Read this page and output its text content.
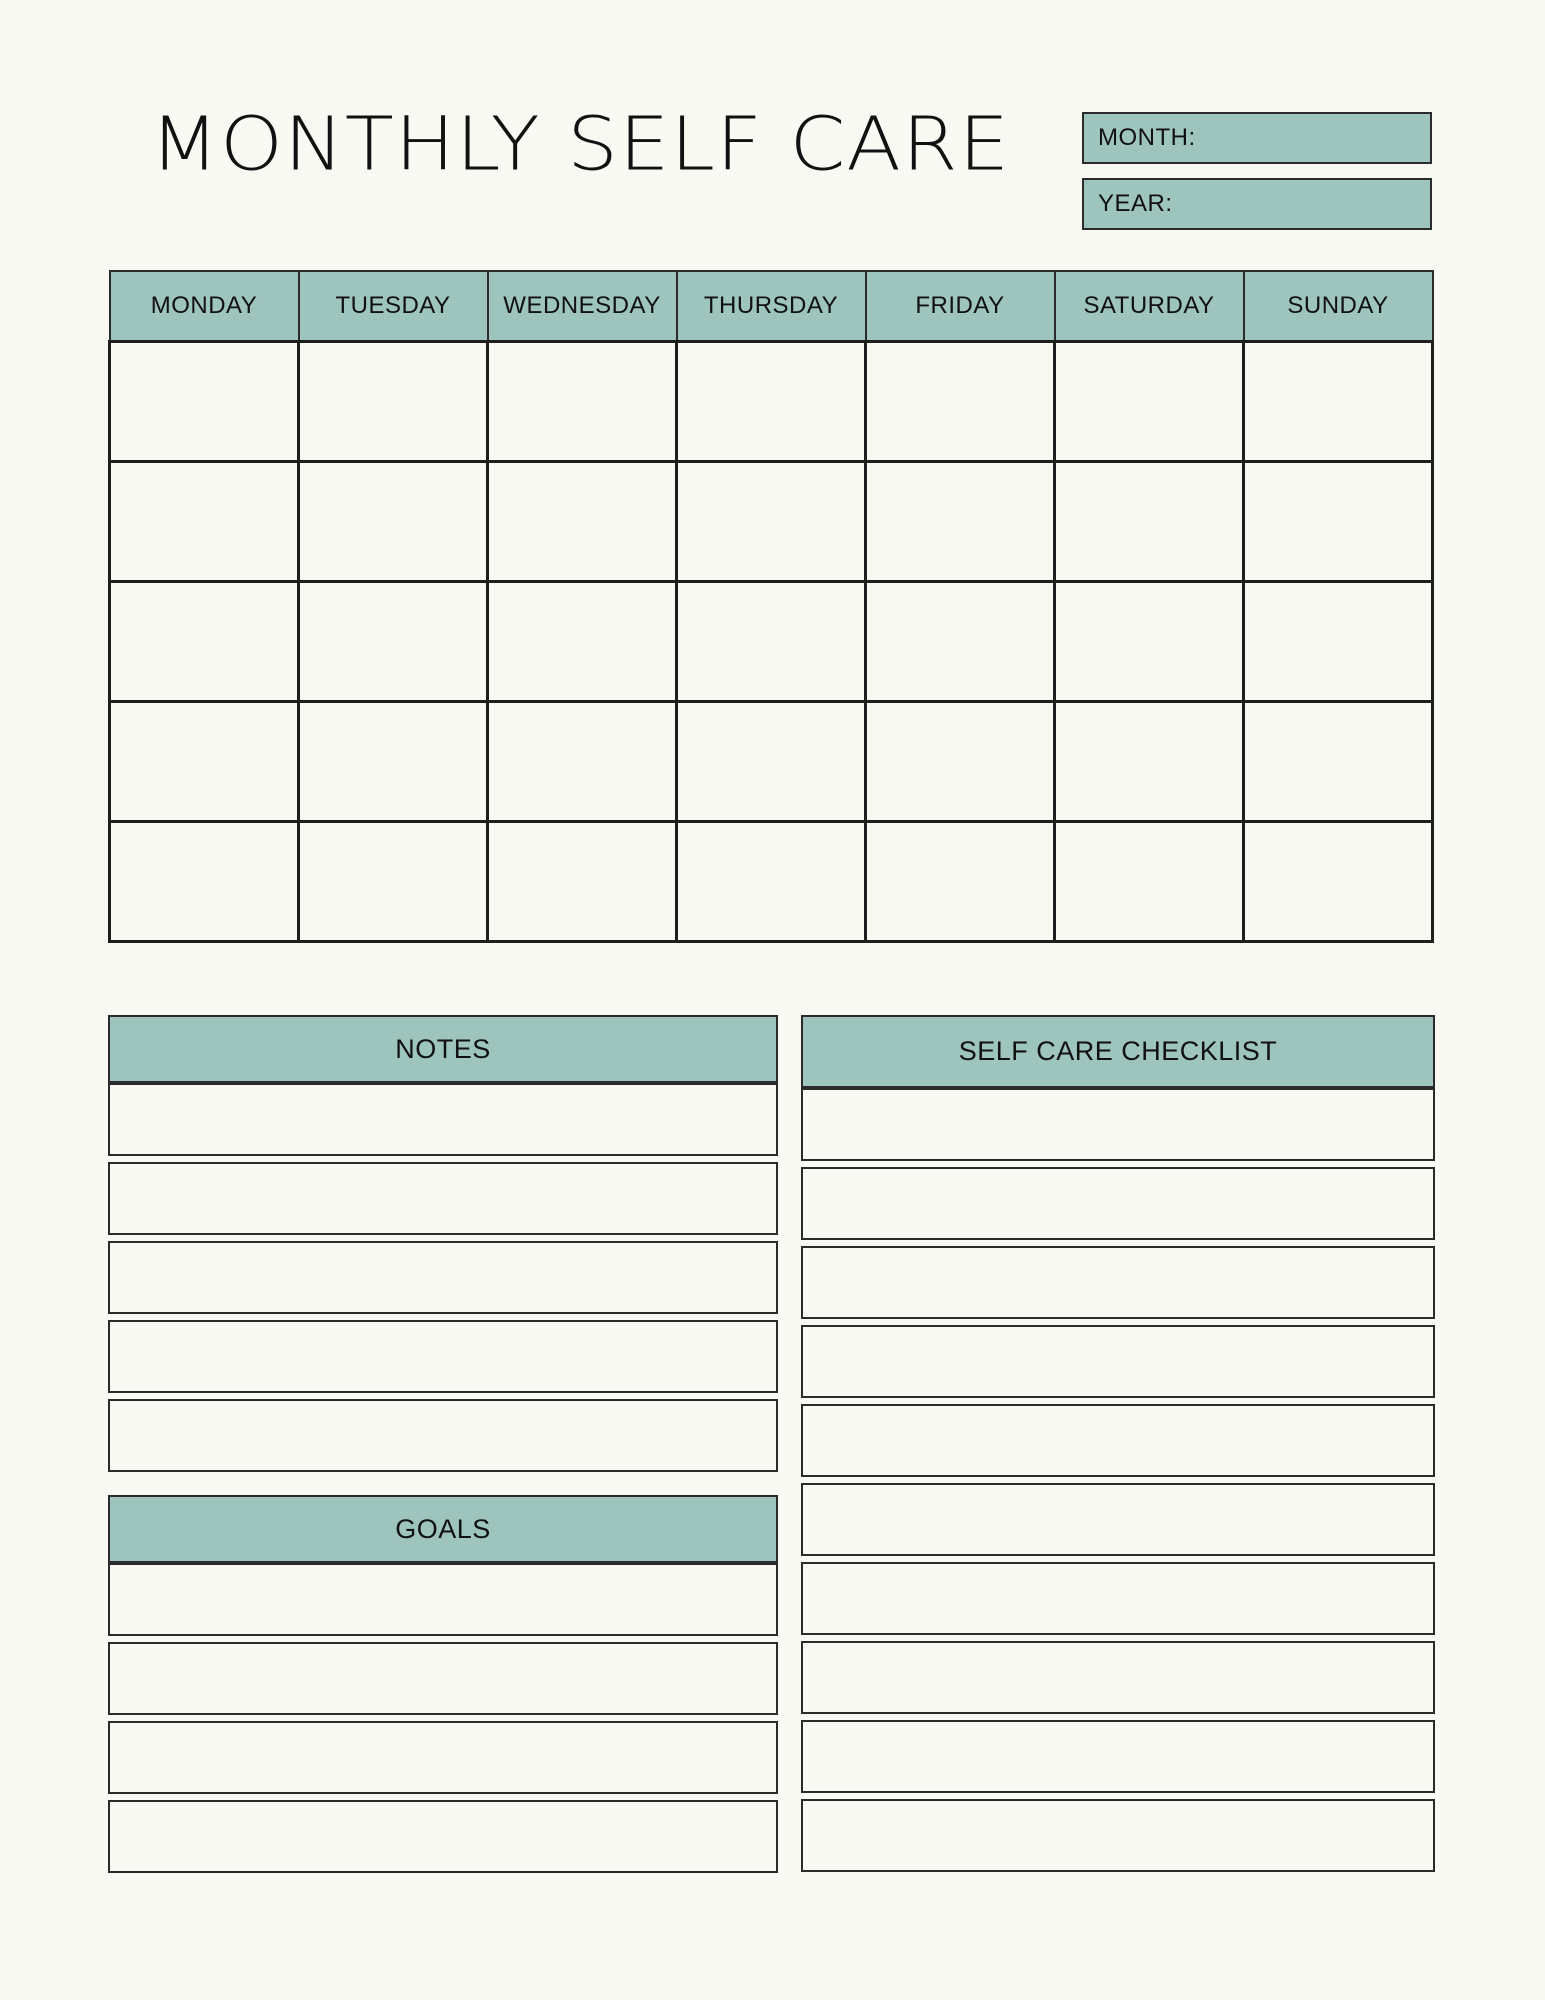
MONTHLY SELF CARE	MONTH:
YEAR:
MONDAY	TUESDAY	WEDNESDAY	THURSDAY	FRIDAY	SATURDAY	SUNDAY

NOTES
GOALS
SELF CARE CHECKLIST
